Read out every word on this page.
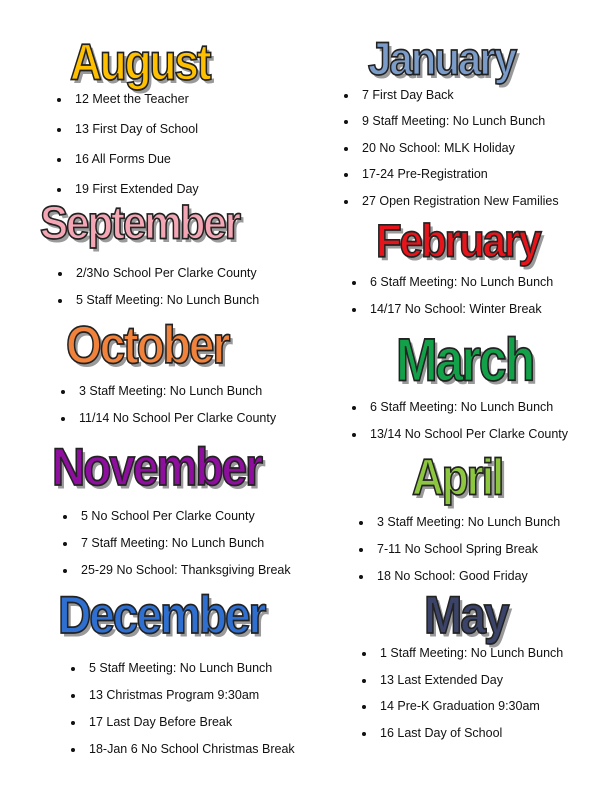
August
12 Meet the Teacher
13 First Day of School
16 All Forms Due
19 First Extended Day
September
2/3No School Per Clarke County
5 Staff Meeting: No Lunch Bunch
October
3 Staff Meeting: No Lunch Bunch
11/14 No School Per Clarke County
November
5 No School Per Clarke County
7 Staff Meeting: No Lunch Bunch
25-29 No School: Thanksgiving Break
December
5 Staff Meeting: No Lunch Bunch
13 Christmas Program 9:30am
17 Last Day Before Break
18-Jan 6 No School Christmas Break
January
7 First Day Back
9 Staff Meeting: No Lunch Bunch
20 No School: MLK Holiday
17-24 Pre-Registration
27 Open Registration New Families
February
6 Staff Meeting: No Lunch Bunch
14/17 No School: Winter Break
March
6 Staff Meeting: No Lunch Bunch
13/14 No School Per Clarke County
April
3 Staff Meeting: No Lunch Bunch
7-11 No School Spring Break
18 No School: Good Friday
May
1 Staff Meeting: No Lunch Bunch
13 Last Extended Day
14 Pre-K Graduation 9:30am
16 Last Day of School
